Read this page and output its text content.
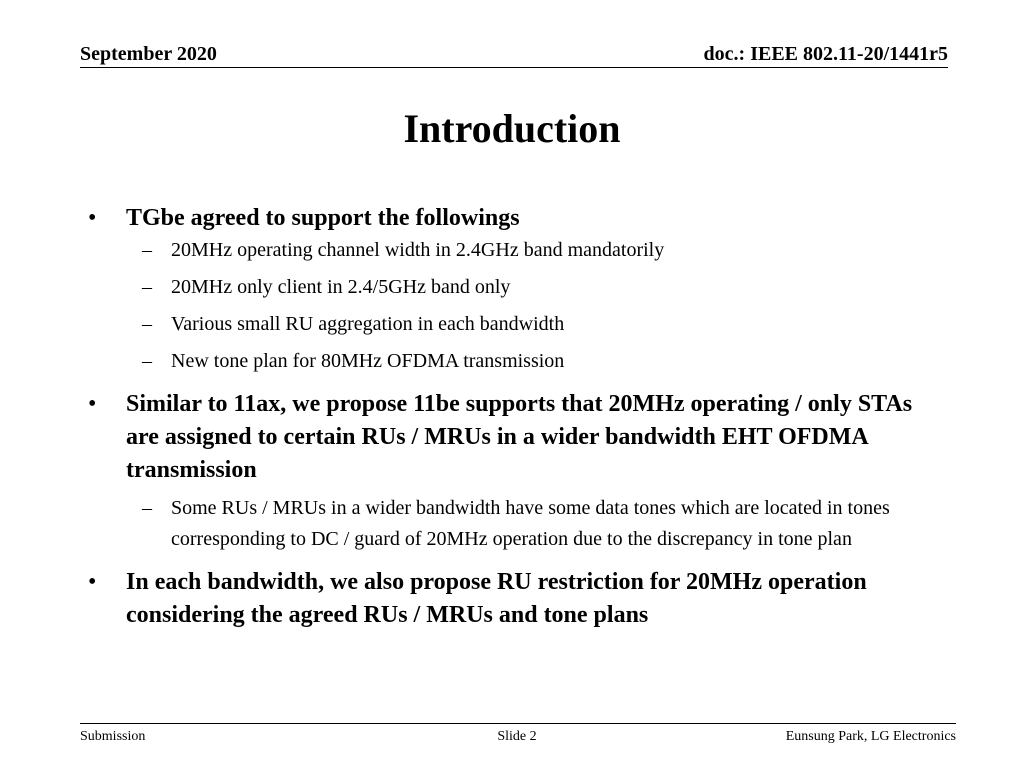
September 2020	doc.: IEEE 802.11-20/1441r5
Introduction
• TGbe agreed to support the followings
– 20MHz operating channel width in 2.4GHz band mandatorily
– 20MHz only client in 2.4/5GHz band only
– Various small RU aggregation in each bandwidth
– New tone plan for 80MHz OFDMA transmission
• Similar to 11ax, we propose 11be supports that 20MHz operating / only STAs are assigned to certain RUs / MRUs in a wider bandwidth EHT OFDMA transmission
– Some RUs / MRUs in a wider bandwidth have some data tones which are located in tones corresponding to DC / guard of 20MHz operation due to the discrepancy in tone plan
• In each bandwidth, we also propose RU restriction for 20MHz operation considering the agreed RUs / MRUs and tone plans
Submission	Slide 2	Eunsung Park, LG Electronics
